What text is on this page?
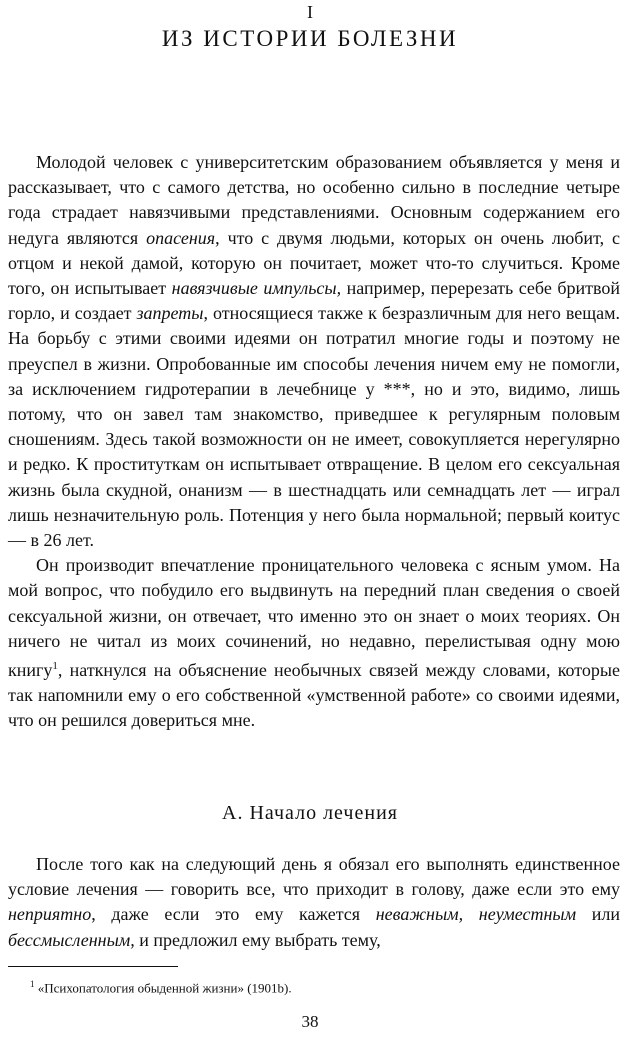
I
ИЗ ИСТОРИИ БОЛЕЗНИ

Молодой человек с университетским образованием объявляется у меня и рассказывает, что с самого детства, но особенно сильно в последние четыре года страдает навязчивыми представлениями. Основным содержанием его недуга являются опасения, что с двумя людьми, которых он очень любит, с отцом и некой дамой, которую он почитает, может что-то случиться. Кроме того, он испытывает навязчивые импульсы, например, перерезать себе бритвой горло, и создает запреты, относящиеся также к безразличным для него вещам. На борьбу с этими своими идеями он потратил многие годы и поэтому не преуспел в жизни. Опробованные им способы лечения ничем ему не помогли, за исключением гидротерапии в лечебнице у ***, но и это, видимо, лишь потому, что он завел там знакомство, приведшее к регулярным половым сношениям. Здесь такой возможности он не имеет, совокупляется нерегулярно и редко. К проституткам он испытывает отвращение. В целом его сексуальная жизнь была скудной, онанизм — в шестнадцать или семнадцать лет — играл лишь незначительную роль. Потенция у него была нормальной; первый коитус — в 26 лет.

Он производит впечатление проницательного человека с ясным умом. На мой вопрос, что побудило его выдвинуть на передний план сведения о своей сексуальной жизни, он отвечает, что именно это он знает о моих теориях. Он ничего не читал из моих сочинений, но недавно, перелистывая одну мою книгу$^1$, наткнулся на объяснение необычных связей между словами, которые так напомнили ему о его собственной «умственной работе» со своими идеями, что он решился довериться мне.

А. Начало лечения

После того как на следующий день я обязал его выполнять единственное условие лечения — говорить все, что приходит в голову, даже если это ему неприятно, даже если это ему кажется неважным, неуместным или бессмысленным, и предложил ему выбрать тему,

$^1$ «Психопатология обыденной жизни» (1901b).
38
